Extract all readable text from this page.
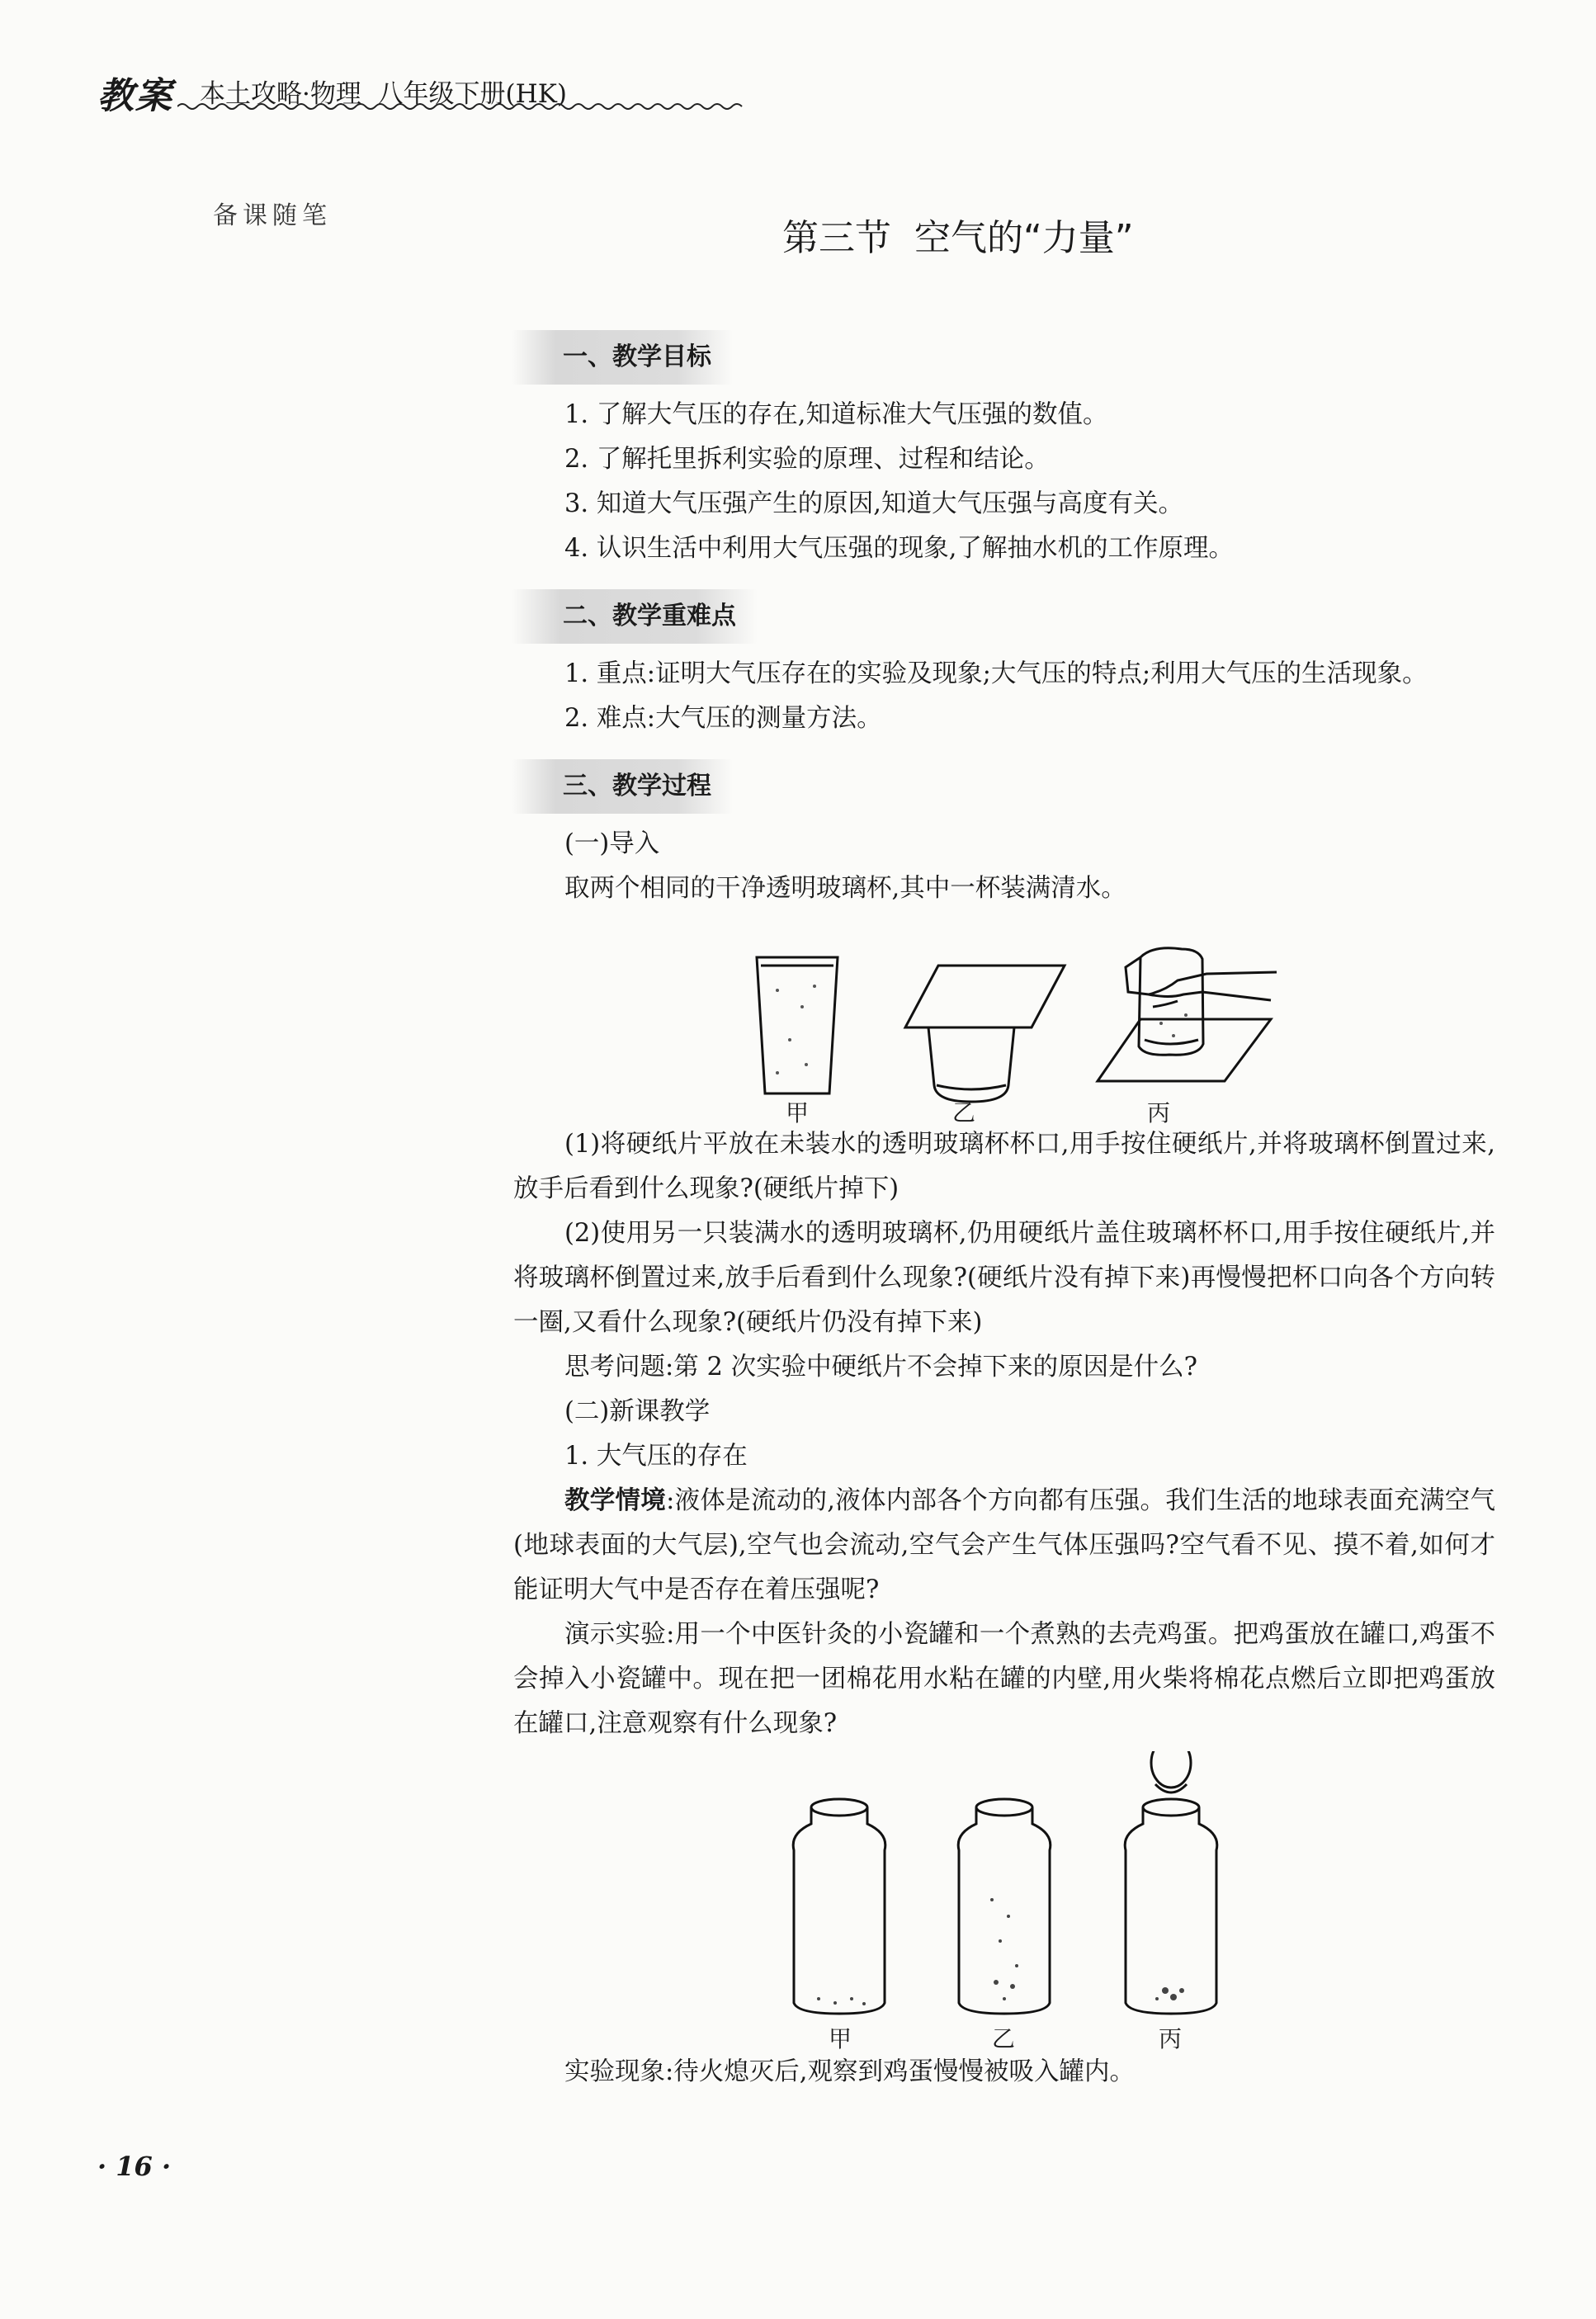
教案 本土攻略·物理  八年级下册(HK)
备课随笔
第三节  空气的“力量”
一、教学目标

1. 了解大气压的存在,知道标准大气压强的数值。

2. 了解托里拆利实验的原理、过程和结论。

3. 知道大气压强产生的原因,知道大气压强与高度有关。

4. 认识生活中利用大气压强的现象,了解抽水机的工作原理。

二、教学重难点

1. 重点:证明大气压存在的实验及现象;大气压的特点;利用大气压的生活现象。

2. 难点:大气压的测量方法。

三、教学过程

(一)导入

取两个相同的干净透明玻璃杯,其中一杯装满清水。

甲	乙	丙

(1)将硬纸片平放在未装水的透明玻璃杯杯口,用手按住硬纸片,并将玻璃杯倒置过来,放手后看到什么现象?(硬纸片掉下)

(2)使用另一只装满水的透明玻璃杯,仍用硬纸片盖住玻璃杯杯口,用手按住硬纸片,并将玻璃杯倒置过来,放手后看到什么现象?(硬纸片没有掉下来)再慢慢把杯口向各个方向转一圈,又看什么现象?(硬纸片仍没有掉下来)

思考问题:第 2 次实验中硬纸片不会掉下来的原因是什么?

(二)新课教学

1. 大气压的存在

教学情境:液体是流动的,液体内部各个方向都有压强。我们生活的地球表面充满空气(地球表面的大气层),空气也会流动,空气会产生气体压强吗?空气看不见、摸不着,如何才能证明大气中是否存在着压强呢?

演示实验:用一个中医针灸的小瓷罐和一个煮熟的去壳鸡蛋。把鸡蛋放在罐口,鸡蛋不会掉入小瓷罐中。现在把一团棉花用水粘在罐的内壁,用火柴将棉花点燃后立即把鸡蛋放在罐口,注意观察有什么现象?

甲	乙	丙

实验现象:待火熄灭后,观察到鸡蛋慢慢被吸入罐内。

· 16 ·
